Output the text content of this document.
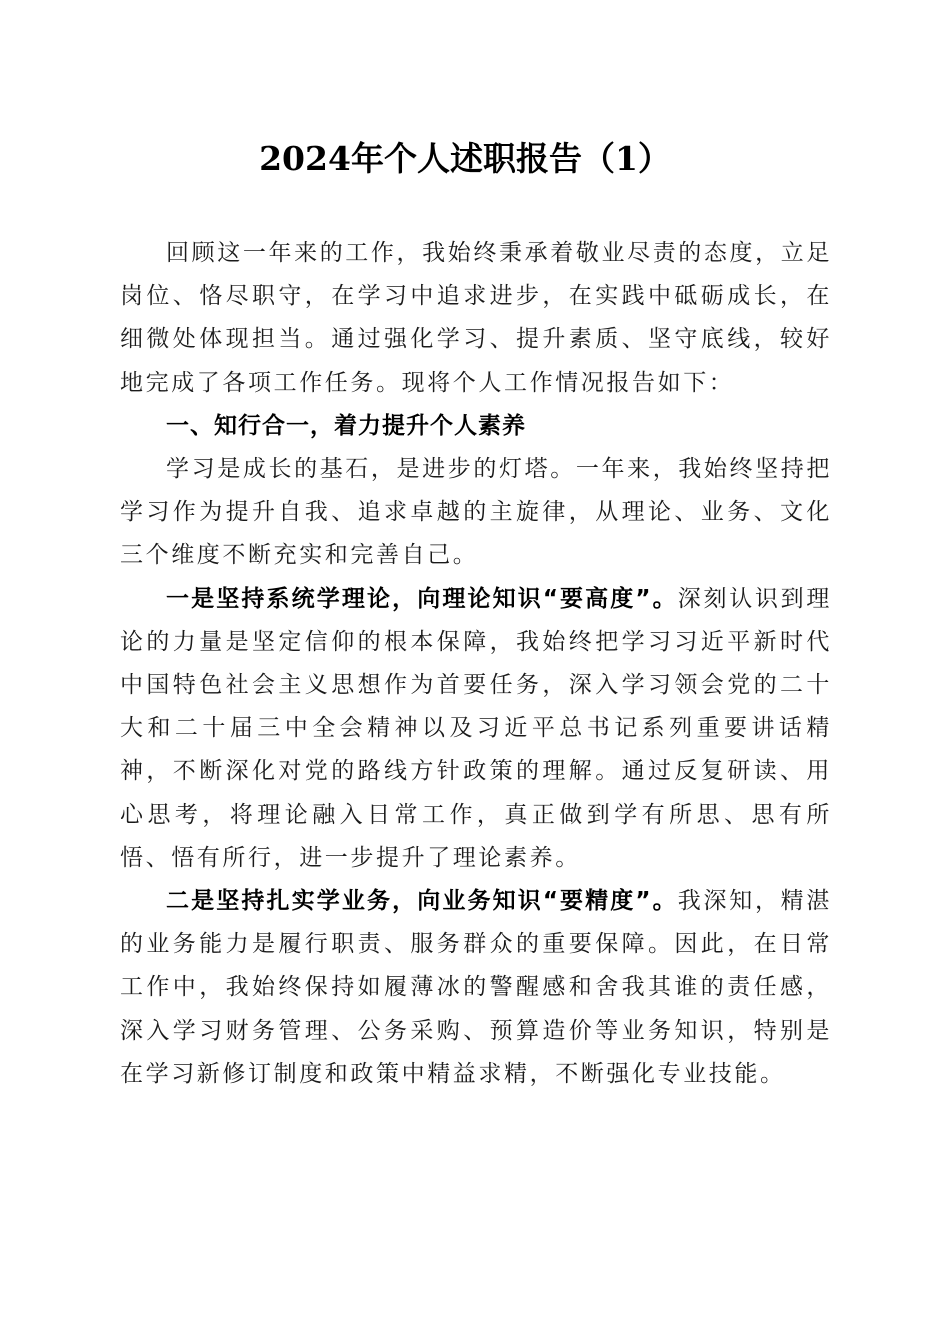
2024年个人述职报告（1）

回顾这一年来的工作，我始终秉承着敬业尽责的态度，立足岗位、恪尽职守，在学习中追求进步，在实践中砥砺成长，在细微处体现担当。通过强化学习、提升素质、坚守底线，较好地完成了各项工作任务。现将个人工作情况报告如下：

一、知行合一，着力提升个人素养

学习是成长的基石，是进步的灯塔。一年来，我始终坚持把学习作为提升自我、追求卓越的主旋律，从理论、业务、文化三个维度不断充实和完善自己。

一是坚持系统学理论，向理论知识“要高度”。深刻认识到理论的力量是坚定信仰的根本保障，我始终把学习习近平新时代中国特色社会主义思想作为首要任务，深入学习领会党的二十大和二十届三中全会精神以及习近平总书记系列重要讲话精神，不断深化对党的路线方针政策的理解。通过反复研读、用心思考，将理论融入日常工作，真正做到学有所思、思有所悟、悟有所行，进一步提升了理论素养。

二是坚持扎实学业务，向业务知识“要精度”。我深知，精湛的业务能力是履行职责、服务群众的重要保障。因此，在日常工作中，我始终保持如履薄冰的警醒感和舍我其谁的责任感，深入学习财务管理、公务采购、预算造价等业务知识，特别是在学习新修订制度和政策中精益求精，不断强化专业技能。
